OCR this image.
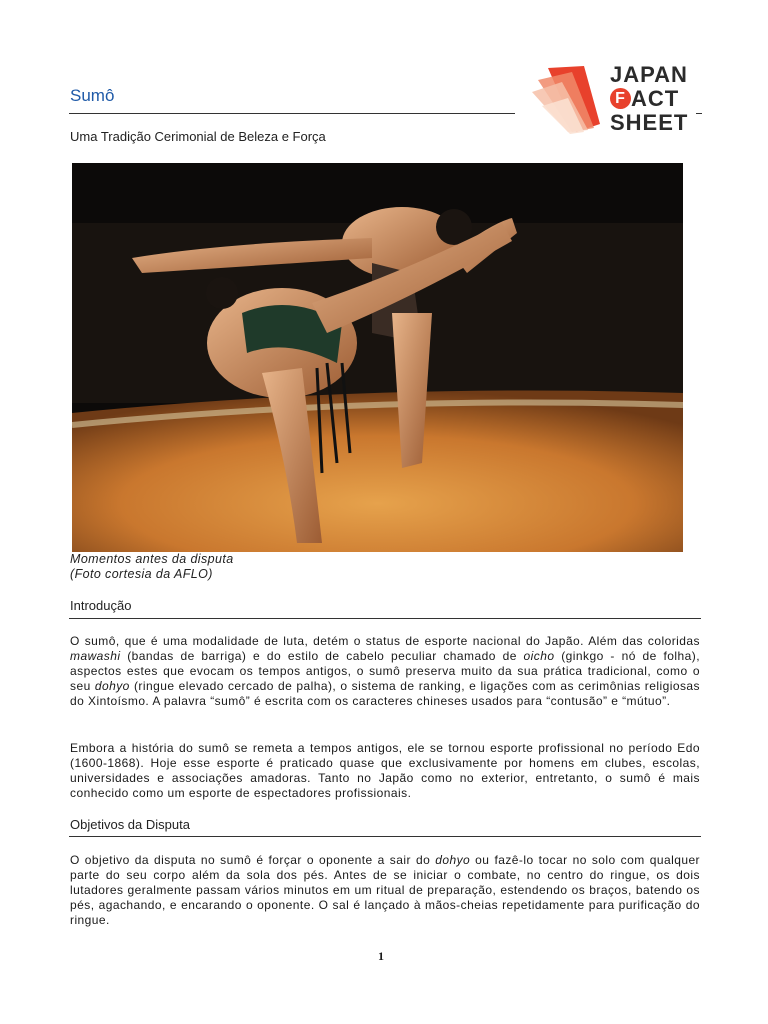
Sumô
Uma Tradição Cerimonial de Beleza e Força
JAPAN
F ACT
SHEET
Momentos antes da disputa
(Foto cortesia da AFLO)
Introdução
O sumô, que é uma modalidade de luta, detém o status de esporte nacional do Japão. Além das coloridas mawashi (bandas de barriga) e do estilo de cabelo peculiar chamado de oicho (ginkgo - nó de folha), aspectos estes que evocam os tempos antigos, o sumô preserva muito da sua prática tradicional, como o seu dohyo (ringue elevado cercado de palha), o sistema de ranking, e ligações com as cerimônias religiosas do Xintoísmo. A palavra “sumô” é escrita com os caracteres chineses usados para “contusão” e “mútuo”.
Embora a história do sumô se remeta a tempos antigos, ele se tornou esporte profissional no período Edo (1600-1868). Hoje esse esporte é praticado quase que exclusivamente por homens em clubes, escolas, universidades e associações amadoras. Tanto no Japão como no exterior, entretanto, o sumô é mais conhecido como um esporte de espectadores profissionais.
Objetivos da Disputa
O objetivo da disputa no sumô é forçar o oponente a sair do dohyo ou fazê-lo tocar no solo com qualquer parte do seu corpo além da sola dos pés. Antes de se iniciar o combate, no centro do ringue, os dois lutadores geralmente passam vários minutos em um ritual de preparação, estendendo os braços, batendo os pés, agachando, e encarando o oponente. O sal é lançado à mãos-cheias repetidamente para purificação do ringue.
1
